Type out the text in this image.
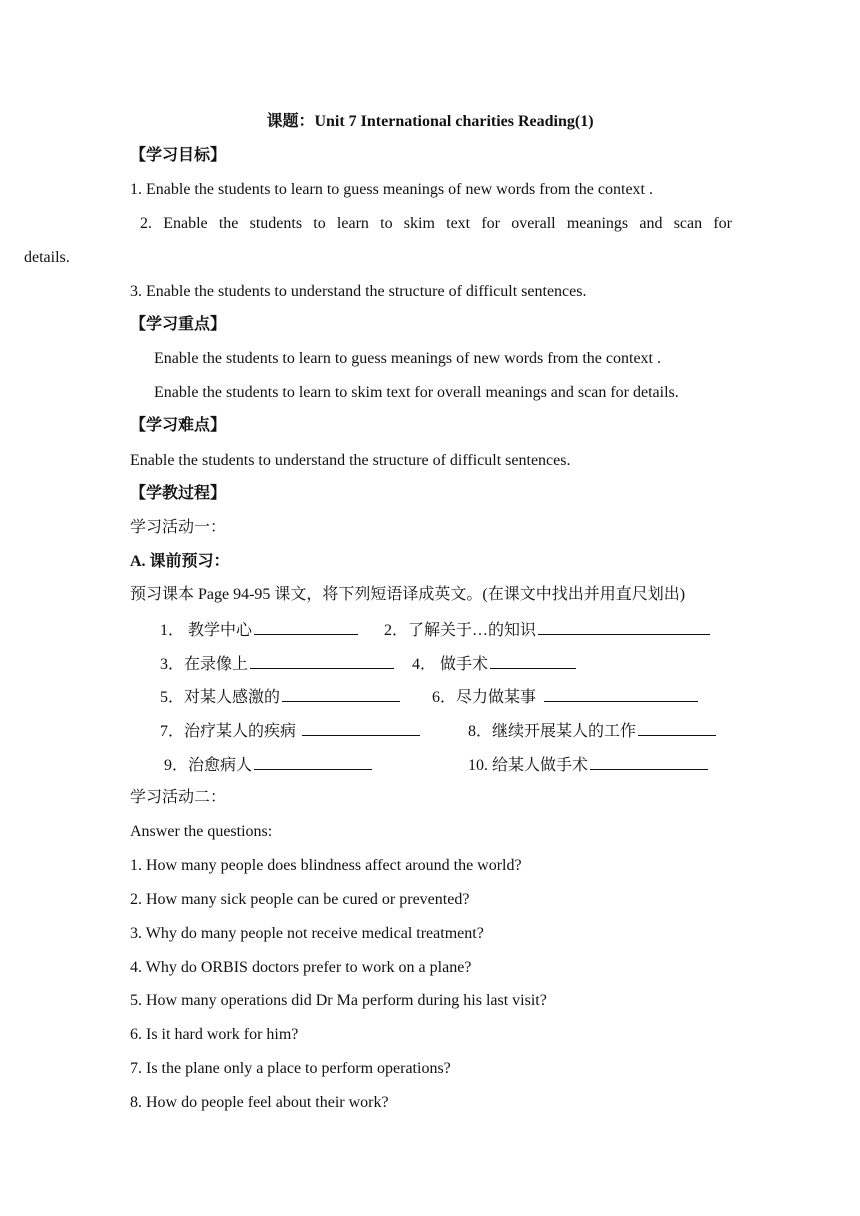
课题：Unit 7 International charities Reading(1)
【学习目标】
1. Enable the students to learn to guess meanings of new words from the context .
2. Enable the students to learn to skim text for overall meanings and scan for
details.
3. Enable the students to understand the structure of difficult sentences.
【学习重点】
Enable the students to learn to guess meanings of new words from the context .
Enable the students to learn to skim text for overall meanings and scan for details.
【学习难点】
Enable the students to understand the structure of difficult sentences.
【学教过程】
学习活动一：
A. 课前预习：
预习课本 Page 94-95 课文，将下列短语译成英文。(在课文中找出并用直尺划出)
1． 教学中心	2．了解关于…的知识
3．在录像上	4． 做手术
5．对某人感激的	6．尽力做某事
7．治疗某人的疾病	8．继续开展某人的工作
9．治愈病人	10. 给某人做手术
学习活动二：
Answer the questions:
1. How many people does blindness affect around the world?
2. How many sick people can be cured or prevented?
3. Why do many people not receive medical treatment?
4. Why do ORBIS doctors prefer to work on a plane?
5. How many operations did Dr Ma perform during his last visit?
6. Is it hard work for him?
7. Is the plane only a place to perform operations?
8. How do people feel about their work?
